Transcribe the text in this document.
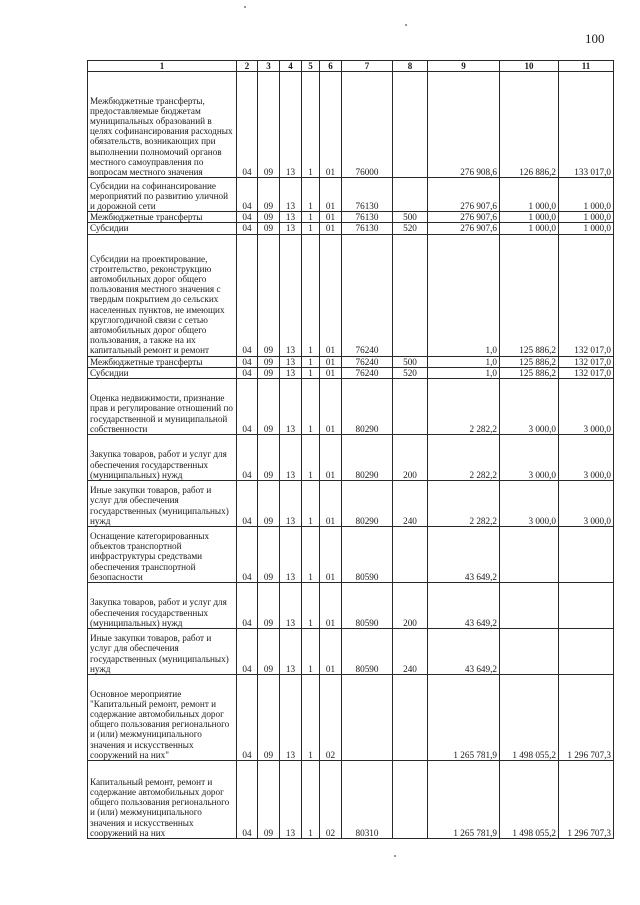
100
1	2	3	4	5	6	7	8	9	10	11
Межбюджетные трансферты, предоставляемые бюджетам муниципальных образований в целях софинансирования расходных обязательств, возникающих при выполнении полномочий органов местного самоуправления по вопросам местного значения	04	09	13	1	01	76000		276 908,6	126 886,2	133 017,0
Субсидии на софинансирование мероприятий по развитию уличной и дорожной сети	04	09	13	1	01	76130		276 907,6	1 000,0	1 000,0
Межбюджетные трансферты	04	09	13	1	01	76130	500	276 907,6	1 000,0	1 000,0
Субсидии	04	09	13	1	01	76130	520	276 907,6	1 000,0	1 000,0
Субсидии на проектирование, строительство, реконструкцию автомобильных дорог общего пользования местного значения с твердым покрытием до сельских населенных пунктов, не имеющих круглогодичной связи с сетью автомобильных дорог общего пользования, а также на их капитальный ремонт и ремонт	04	09	13	1	01	76240		1,0	125 886,2	132 017,0
Межбюджетные трансферты	04	09	13	1	01	76240	500	1,0	125 886,2	132 017,0
Субсидии	04	09	13	1	01	76240	520	1,0	125 886,2	132 017,0
Оценка недвижимости, признание прав и регулирование отношений по государственной и муниципальной собственности	04	09	13	1	01	80290		2 282,2	3 000,0	3 000,0
Закупка товаров, работ и услуг для обеспечения государственных (муниципальных) нужд	04	09	13	1	01	80290	200	2 282,2	3 000,0	3 000,0
Иные закупки товаров, работ и услуг для обеспечения государственных (муниципальных) нужд	04	09	13	1	01	80290	240	2 282,2	3 000,0	3 000,0
Оснащение категорированных объектов транспортной инфраструктуры средствами обеспечения транспортной безопасности	04	09	13	1	01	80590		43 649,2		
Закупка товаров, работ и услуг для обеспечения государственных (муниципальных) нужд	04	09	13	1	01	80590	200	43 649,2		
Иные закупки товаров, работ и услуг для обеспечения государственных (муниципальных) нужд	04	09	13	1	01	80590	240	43 649,2		
Основное мероприятие "Капитальный ремонт, ремонт и содержание автомобильных дорог общего пользования регионального и (или) межмуниципального значения и искусственных сооружений на них"	04	09	13	1	02			1 265 781,9	1 498 055,2	1 296 707,3
Капитальный ремонт, ремонт и содержание автомобильных дорог общего пользования регионального и (или) межмуниципального значения и искусственных сооружений на них	04	09	13	1	02	80310		1 265 781,9	1 498 055,2	1 296 707,3
